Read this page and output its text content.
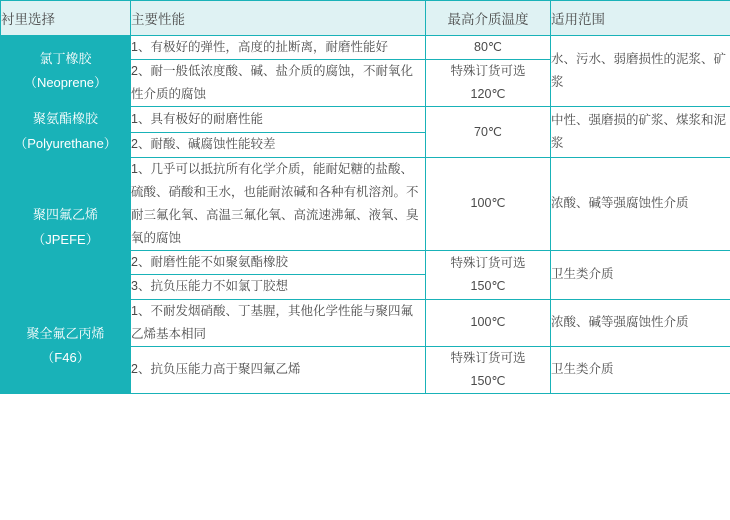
衬里选择	主要性能	最高介质温度	适用范围

氯丁橡胶
（Neoprene）	1、有极好的弹性，高度的扯断离，耐磨性能好	80℃	水、污水、弱磨损性的泥浆、矿浆
	2、耐一般低浓度酸、碱、盐介质的腐蚀，不耐氧化性介质的腐蚀	特殊订货可选
120℃	

聚氨酯橡胶
（Polyurethane）	1、具有极好的耐磨性能	70℃	中性、强磨损的矿浆、煤浆和泥浆
	2、耐酸、碱腐蚀性能较差		

聚四氟乙烯
（JPEFE）	1、几乎可以抵抗所有化学介质，能耐妃糖的盐酸、硫酸、硝酸和王水，也能耐浓碱和各种有机溶剂。不耐三氟化氧、高温三氟化氧、高流速沸氟、液氧、臭氧的腐蚀	100℃	浓酸、碱等强腐蚀性介质
	2、耐磨性能不如聚氨酯橡胶	特殊订货可选
150℃	卫生类介质
	3、抗负压能力不如氯丁胶想		

聚全氟乙丙烯
（F46）	1、不耐发烟硝酸、丁基腥，其他化学性能与聚四氟乙烯基本相同	100℃	浓酸、碱等强腐蚀性介质
	2、抗负压能力高于聚四氟乙烯	特殊订货可选
150℃	卫生类介质
